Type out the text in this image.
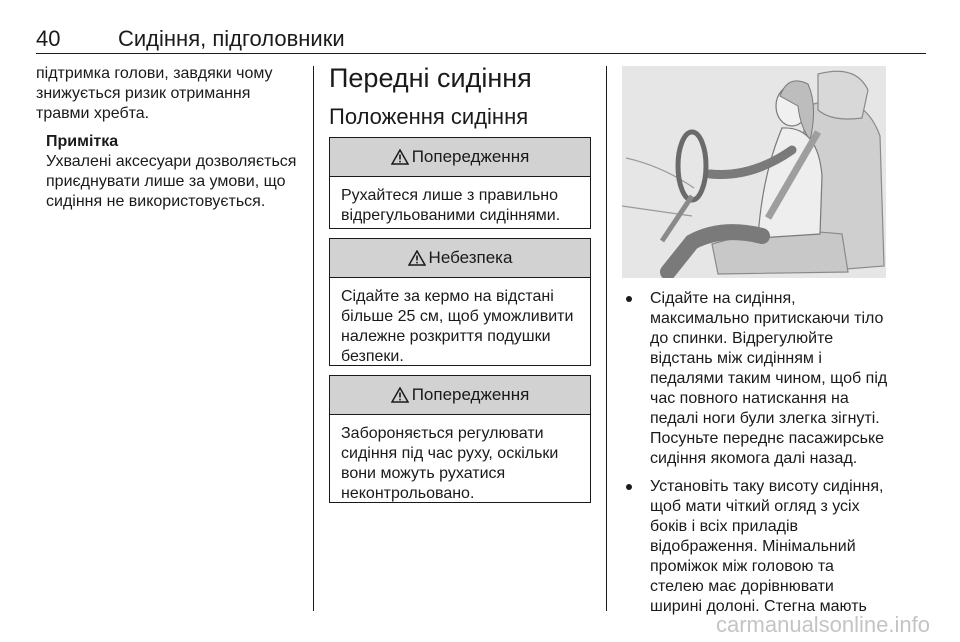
40	Сидіння, підголовники

підтримка голови, завдяки чому знижується ризик отримання травми хребта.

Примітка
Ухвалені аксесуари дозволяється приєднувати лише за умови, що сидіння не використовується.
Передні сидіння
Положення сидіння
Попередження
Рухайтеся лише з правильно відрегульованими сидіннями.
Небезпека
Сідайте за кермо на відстані більше 25 см, щоб уможливити належне розкриття подушки безпеки.
Попередження
Забороняється регулювати сидіння під час руху, оскільки вони можуть рухатися неконтрольовано.
Сідайте на сидіння, максимально притискаючи тіло до спинки. Відрегулюйте відстань між сидінням і педалями таким чином, щоб під час повного натискання на педалі ноги були злегка зігнуті. Посуньте переднє пасажирське сидіння якомога далі назад.
Установіть таку висоту сидіння, щоб мати чіткий огляд з усіх боків і всіх приладів відображення. Мінімальний проміжок між головою та стелею має дорівнювати ширині долоні. Стегна мають
carmanualsonline.info
